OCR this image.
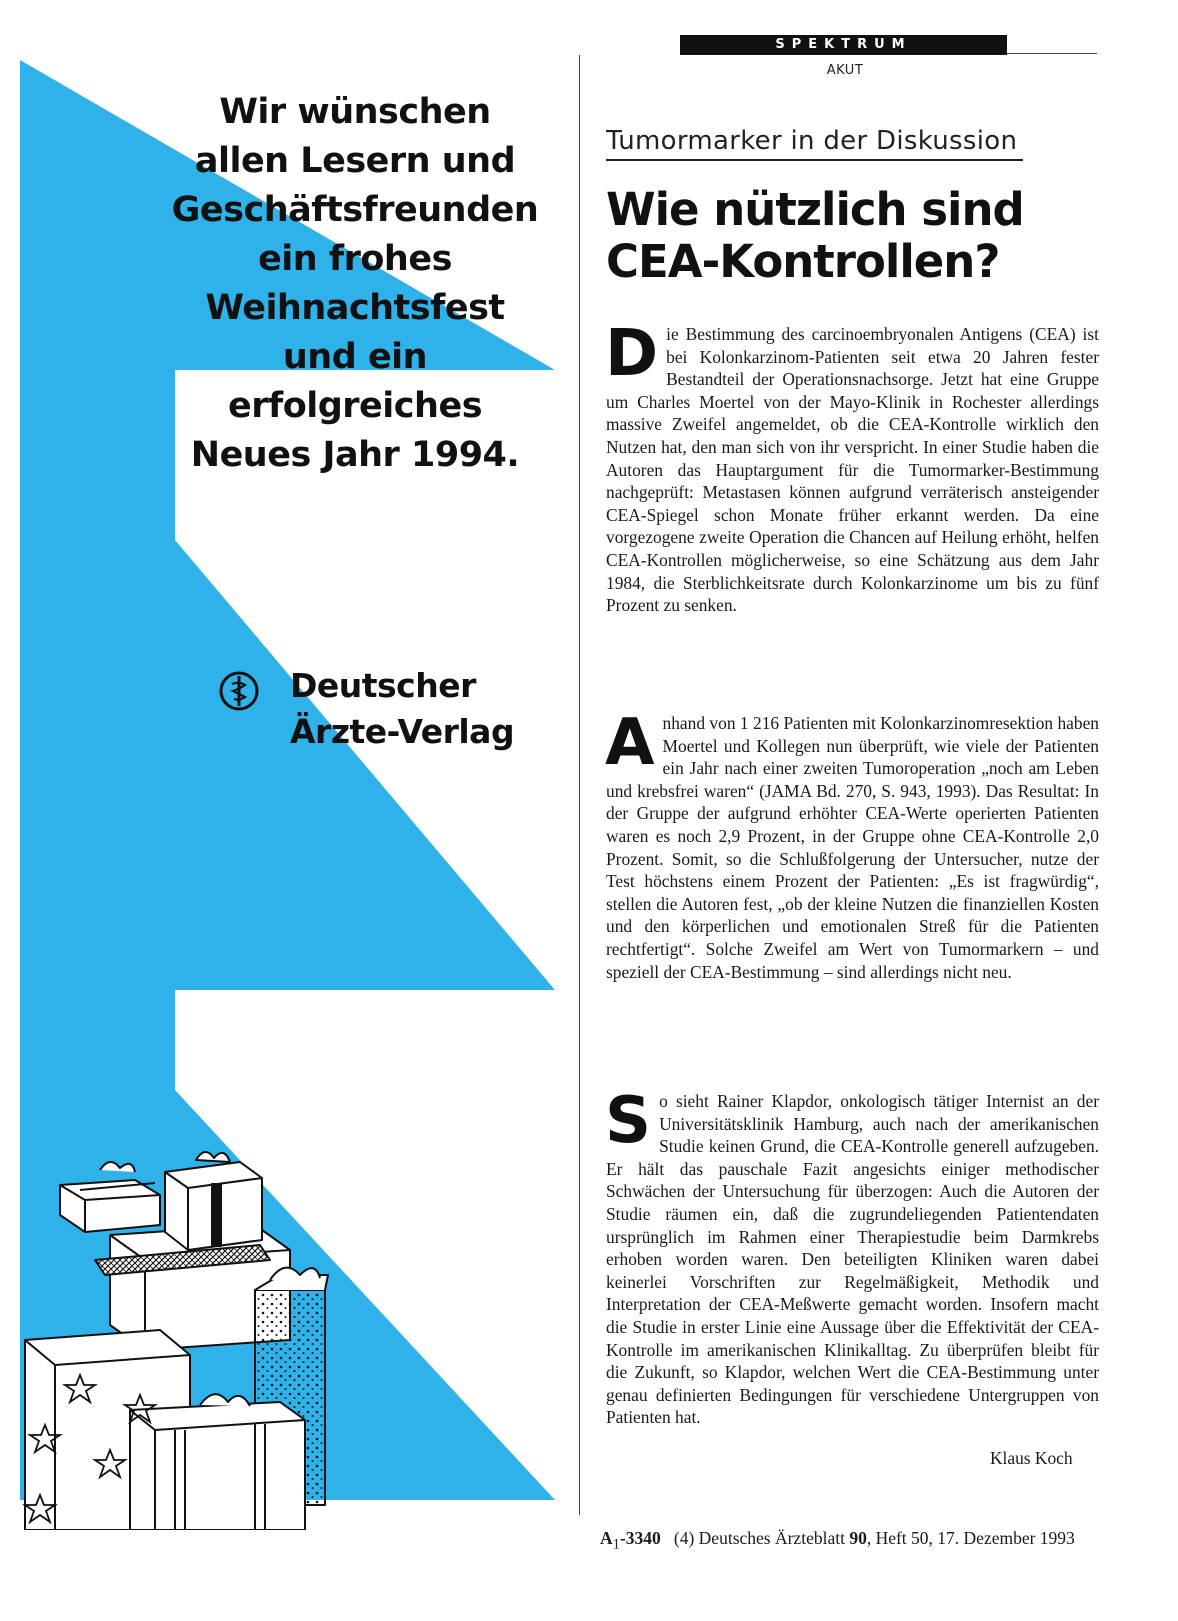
Wir wünschen
allen Lesern und
Geschäftsfreunden
ein frohes
Weihnachtsfest
und ein
erfolgreiches
Neues Jahr 1994.
Deutscher
Ärzte-Verlag
SPEKTRUM
AKUT
Tumormarker in der Diskussion
Wie nützlich sind
CEA-Kontrollen?

D ie Bestimmung des carcinoembryonalen Antigens (CEA) ist bei Kolonkarzinom-Patienten seit etwa 20 Jahren fester Bestandteil der Operationsnachsorge. Jetzt hat eine Gruppe um Charles Moertel von der Mayo-Klinik in Rochester allerdings massive Zweifel angemeldet, ob die CEA-Kontrolle wirklich den Nutzen hat, den man sich von ihr verspricht. In einer Studie haben die Autoren das Hauptargument für die Tumormarker-Bestimmung nachgeprüft: Metastasen können aufgrund verräterisch ansteigender CEA-Spiegel schon Monate früher erkannt werden. Da eine vorgezogene zweite Operation die Chancen auf Heilung erhöht, helfen CEA-Kontrollen möglicherweise, so eine Schätzung aus dem Jahr 1984, die Sterblichkeitsrate durch Kolonkarzinome um bis zu fünf Prozent zu senken.

A nhand von 1 216 Patienten mit Kolonkarzinomresektion haben Moertel und Kollegen nun überprüft, wie viele der Patienten ein Jahr nach einer zweiten Tumoroperation „noch am Leben und krebsfrei waren“ (JAMA Bd. 270, S. 943, 1993). Das Resultat: In der Gruppe der aufgrund erhöhter CEA-Werte operierten Patienten waren es noch 2,9 Prozent, in der Gruppe ohne CEA-Kontrolle 2,0 Prozent. Somit, so die Schlußfolgerung der Untersucher, nutze der Test höchstens einem Prozent der Patienten: „Es ist fragwürdig“, stellen die Autoren fest, „ob der kleine Nutzen die finanziellen Kosten und den körperlichen und emotionalen Streß für die Patienten rechtfertigt“. Solche Zweifel am Wert von Tumormarkern – und speziell der CEA-Bestimmung – sind allerdings nicht neu.

S o sieht Rainer Klapdor, onkologisch tätiger Internist an der Universitätsklinik Hamburg, auch nach der amerikanischen Studie keinen Grund, die CEA-Kontrolle generell aufzugeben. Er hält das pauschale Fazit angesichts einiger methodischer Schwächen der Untersuchung für überzogen: Auch die Autoren der Studie räumen ein, daß die zugrundeliegenden Patientendaten ursprünglich im Rahmen einer Therapiestudie beim Darmkrebs erhoben worden waren. Den beteiligten Kliniken waren dabei keinerlei Vorschriften zur Regelmäßigkeit, Methodik und Interpretation der CEA-Meßwerte gemacht worden. Insofern macht die Studie in erster Linie eine Aussage über die Effektivität der CEA-Kontrolle im amerikanischen Klinikalltag. Zu überprüfen bleibt für die Zukunft, so Klapdor, welchen Wert die CEA-Bestimmung unter genau definierten Bedingungen für verschiedene Untergruppen von Patienten hat.

Klaus Koch
$A_1-3340$ (4) Deutsches Ärzteblatt 90, Heft 50, 17. Dezember 1993
